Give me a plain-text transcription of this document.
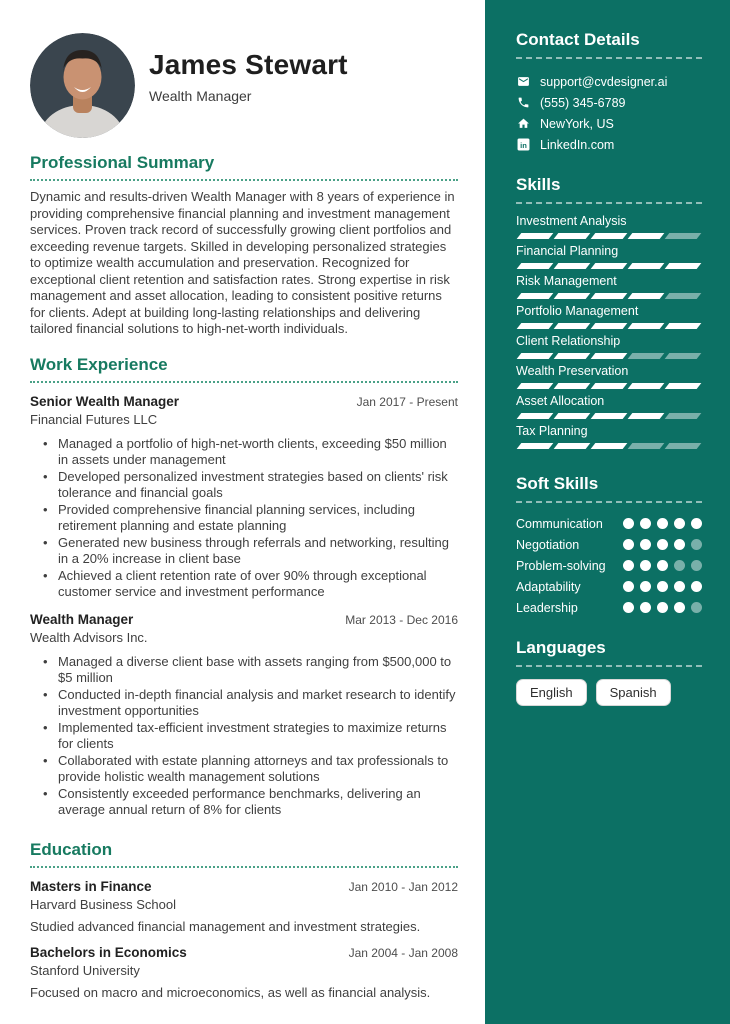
James Stewart
Wealth Manager
Professional Summary

Dynamic and results-driven Wealth Manager with 8 years of experience in providing comprehensive financial planning and investment management services. Proven track record of successfully growing client portfolios and exceeding revenue targets. Skilled in developing personalized strategies to optimize wealth accumulation and preservation. Recognized for exceptional client retention and satisfaction rates. Strong expertise in risk management and asset allocation, leading to consistent positive returns for clients. Adept at building long-lasting relationships and delivering tailored financial solutions to high-net-worth individuals.

Work Experience
Senior Wealth Manager	Jan 2017 - Present
Financial Futures LLC
• Managed a portfolio of high-net-worth clients, exceeding $50 million in assets under management
• Developed personalized investment strategies based on clients' risk tolerance and financial goals
• Provided comprehensive financial planning services, including retirement planning and estate planning
• Generated new business through referrals and networking, resulting in a 20% increase in client base
• Achieved a client retention rate of over 90% through exceptional customer service and investment performance
Wealth Manager	Mar 2013 - Dec 2016
Wealth Advisors Inc.
• Managed a diverse client base with assets ranging from $500,000 to $5 million
• Conducted in-depth financial analysis and market research to identify investment opportunities
• Implemented tax-efficient investment strategies to maximize returns for clients
• Collaborated with estate planning attorneys and tax professionals to provide holistic wealth management solutions
• Consistently exceeded performance benchmarks, delivering an average annual return of 8% for clients
Education
Masters in Finance	Jan 2010 - Jan 2012
Harvard Business School
Studied advanced financial management and investment strategies.
Bachelors in Economics	Jan 2004 - Jan 2008
Stanford University
Focused on macro and microeconomics, as well as financial analysis.
Contact Details
support@cvdesigner.ai
(555) 345-6789
NewYork, US
in LinkedIn.com
Skills
Investment Analysis
Financial Planning
Risk Management
Portfolio Management
Client Relationship
Wealth Preservation
Asset Allocation
Tax Planning
Soft Skills
Communication
Negotiation
Problem-solving
Adaptability
Leadership
Languages
English	Spanish
